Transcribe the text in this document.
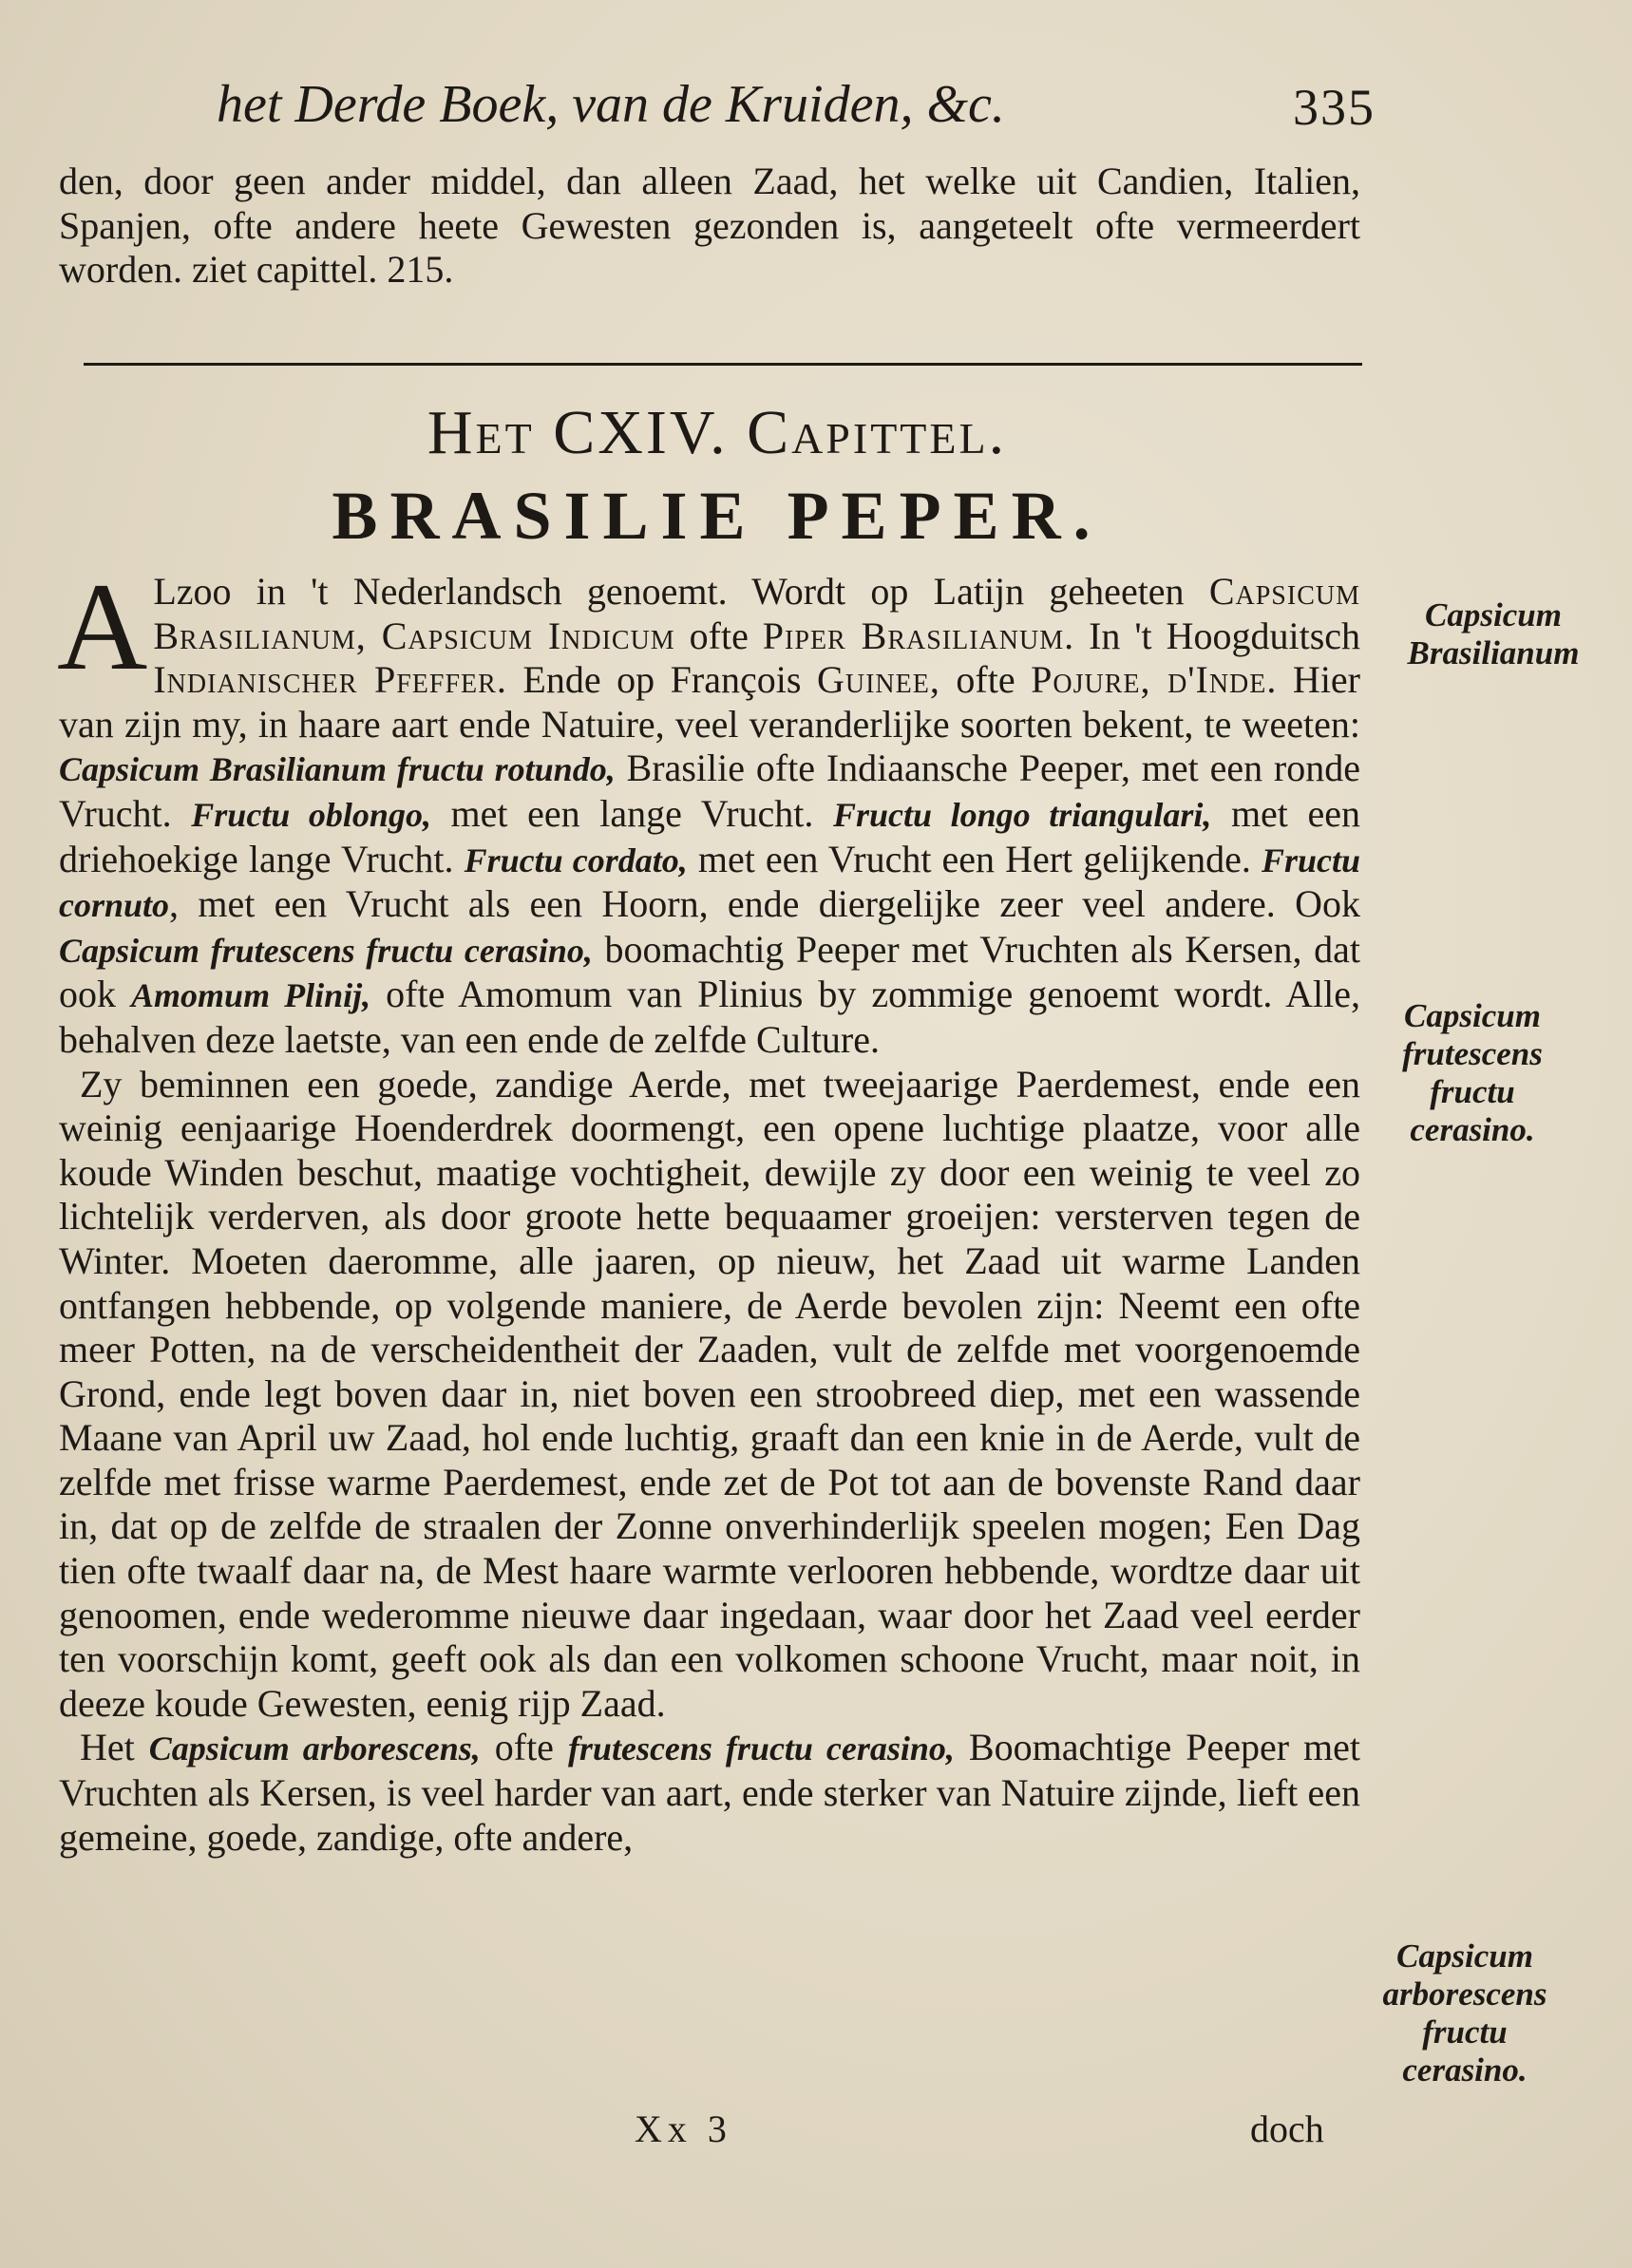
het Derde Boek, van de Kruiden, &c.	335

den, door geen ander middel, dan alleen Zaad, het welke uit Candien, Italien, Spanjen, ofte andere heete Gewesten gezonden is, aangeteelt ofte vermeerdert worden. ziet capittel. 215.

Het CXIV. Capittel.
BRASILIE PEPER.

A Lzoo in 't Nederlandsch genoemt. Wordt op Latijn geheeten Capsicum Brasilianum, Capsicum Indicum ofte Piper Brasilianum. In 't Hoogduitsch Indianischer Pfeffer. Ende op François Guinee, ofte Pojure, d'Inde. Hier van zijn my, in haare aart ende Natuire, veel veranderlijke soorten bekent, te weeten: Capsicum Brasilianum fructu rotundo, Brasilie ofte Indiaansche Peeper, met een ronde Vrucht. Fructu oblongo, met een lange Vrucht. Fructu longo triangulari, met een driehoekige lange Vrucht. Fructu cordato, met een Vrucht een Hert gelijkende. Fructu cornuto, met een Vrucht als een Hoorn, ende diergelijke zeer veel andere. Ook Capsicum frutescens fructu cerasino, boomachtig Peeper met Vruchten als Kersen, dat ook Amomum Plinij, ofte Amomum van Plinius by zommige genoemt wordt. Alle, behalven deze laetste, van een ende de zelfde Culture.

Zy beminnen een goede, zandige Aerde, met tweejaarige Paerdemest, ende een weinig eenjaarige Hoenderdrek doormengt, een opene luchtige plaatze, voor alle koude Winden beschut, maatige vochtigheit, dewijle zy door een weinig te veel zo lichtelijk verderven, als door groote hette bequaamer groeijen: versterven tegen de Winter. Moeten daeromme, alle jaaren, op nieuw, het Zaad uit warme Landen ontfangen hebbende, op volgende maniere, de Aerde bevolen zijn: Neemt een ofte meer Potten, na de verscheidentheit der Zaaden, vult de zelfde met voorgenoemde Grond, ende legt boven daar in, niet boven een stroobreed diep, met een wassende Maane van April uw Zaad, hol ende luchtig, graaft dan een knie in de Aerde, vult de zelfde met frisse warme Paerdemest, ende zet de Pot tot aan de bovenste Rand daar in, dat op de zelfde de straalen der Zonne onverhinderlijk speelen mogen; Een Dag tien ofte twaalf daar na, de Mest haare warmte verlooren hebbende, wordtze daar uit genoomen, ende wederomme nieuwe daar ingedaan, waar door het Zaad veel eerder ten voorschijn komt, geeft ook als dan een volkomen schoone Vrucht, maar noit, in deeze koude Gewesten, eenig rijp Zaad.

Het Capsicum arborescens, ofte frutescens fructu cerasino, Boomachtige Peeper met Vruchten als Kersen, is veel harder van aart, ende sterker van Natuire zijnde, lieft een gemeine, goede, zandige, ofte andere,

Capsicum Brasilianum
Capsicum frutescens fructu cerasino.
Capsicum arborescens fructu cerasino.
Xx 3	doch
